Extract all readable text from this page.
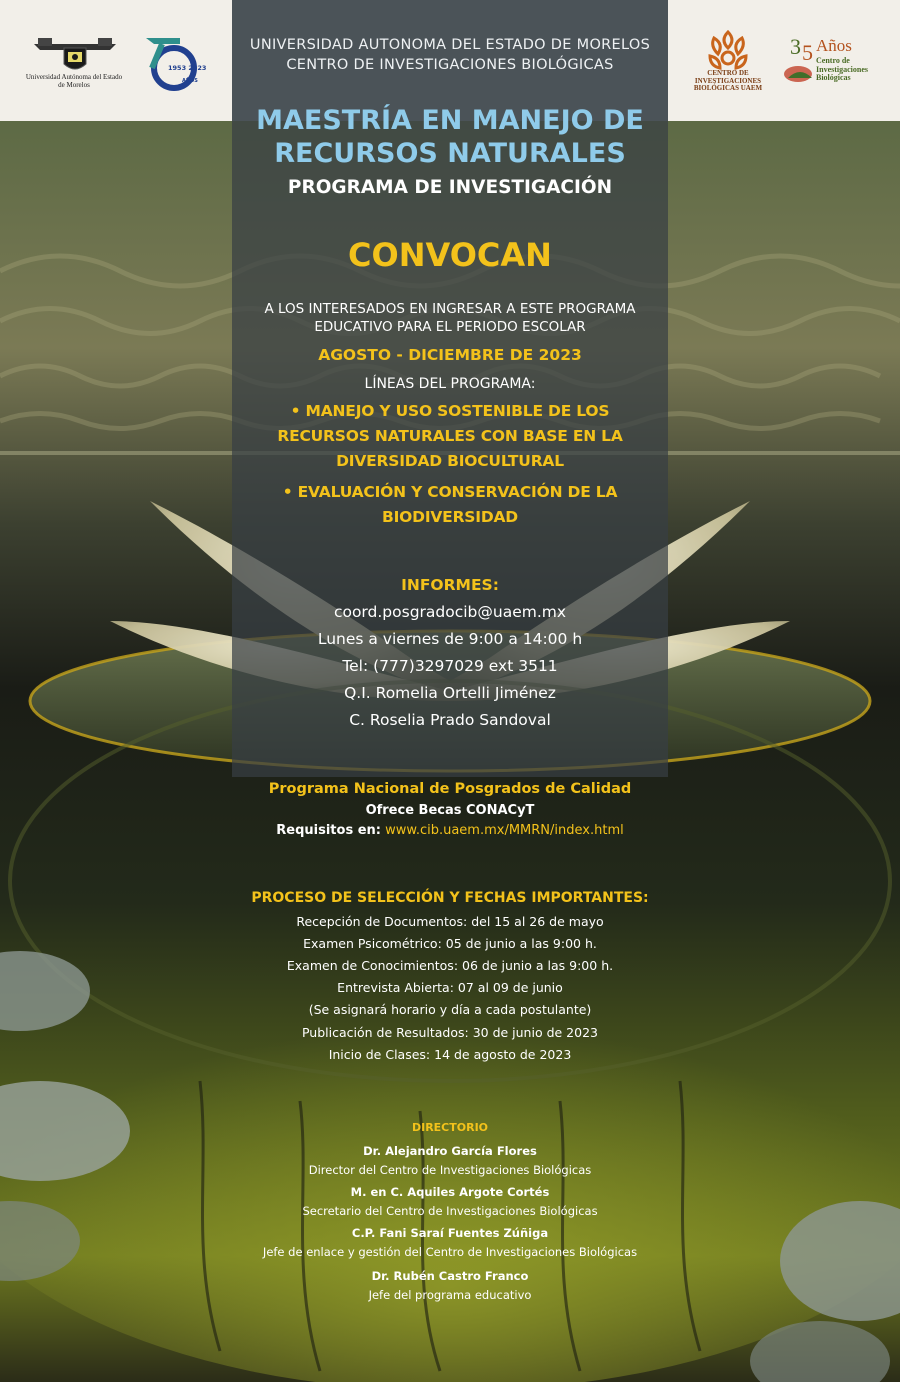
Universidad Autónoma del Estado de Morelos
1953 2023
AÑOS
UNIVERSIDAD AUTONOMA DEL ESTADO DE MORELOS
CENTRO DE INVESTIGACIONES BIOLÓGICAS	CENTRO DE INVESTIGACIONES BIOLÓGICAS UAEM
3 5 Años
Centro de Investigaciones Biológicas
MAESTRÍA EN MANEJO DE
RECURSOS NATURALES
PROGRAMA DE INVESTIGACIÓN
CONVOCAN
A LOS INTERESADOS EN INGRESAR A ESTE PROGRAMA
EDUCATIVO PARA EL PERIODO ESCOLAR
AGOSTO - DICIEMBRE DE 2023
LÍNEAS DEL PROGRAMA:
• MANEJO Y USO SOSTENIBLE DE LOS
RECURSOS NATURALES CON BASE EN LA
DIVERSIDAD BIOCULTURAL
• EVALUACIÓN Y CONSERVACIÓN DE LA
BIODIVERSIDAD
INFORMES:
coord.posgradocib@uaem.mx
Lunes a viernes de 9:00 a 14:00 h
Tel: (777)3297029 ext 3511
Q.I. Romelia Ortelli Jiménez
C. Roselia Prado Sandoval
Programa Nacional de Posgrados de Calidad
Ofrece Becas CONACyT
Requisitos en: www.cib.uaem.mx/MMRN/index.html
PROCESO DE SELECCIÓN Y FECHAS IMPORTANTES:
Recepción de Documentos: del 15 al 26 de mayo
Examen Psicométrico: 05 de junio a las 9:00 h.
Examen de Conocimientos: 06 de junio a las 9:00 h.
Entrevista Abierta: 07 al 09 de junio
(Se asignará horario y día a cada postulante)
Publicación de Resultados: 30 de junio de 2023
Inicio de Clases: 14 de agosto de 2023
DIRECTORIO
Dr. Alejandro García Flores
Director del Centro de Investigaciones Biológicas
M. en C. Aquiles Argote Cortés
Secretario del Centro de Investigaciones Biológicas
C.P. Fani Saraí Fuentes Zúñiga
Jefe de enlace y gestión del Centro de Investigaciones Biológicas
Dr. Rubén Castro Franco
Jefe del programa educativo
